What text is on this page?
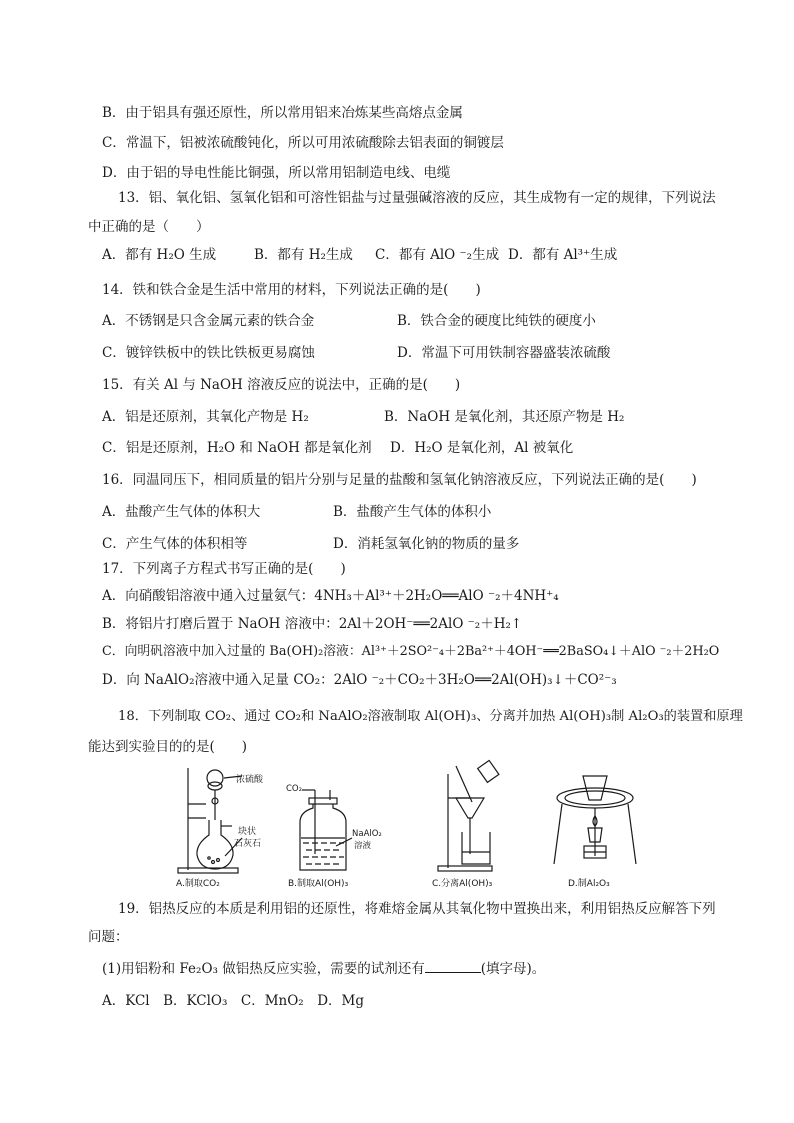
B．由于铝具有强还原性，所以常用铝来冶炼某些高熔点金属
C．常温下，铝被浓硫酸钝化，所以可用浓硫酸除去铝表面的铜镀层
D．由于铝的导电性能比铜强，所以常用铝制造电线、电缆
13．铝、氧化铝、氢氧化铝和可溶性铝盐与过量强碱溶液的反应，其生成物有一定的规律，下列说法
中正确的是（　　）
A．都有 H₂O 生成	B．都有 H₂生成 C．都有 AlO ⁻₂生成 D．都有 Al³⁺生成
14．铁和铁合金是生活中常用的材料，下列说法正确的是(　　)
A．不锈钢是只含金属元素的铁合金	B．铁合金的硬度比纯铁的硬度小
C．镀锌铁板中的铁比铁板更易腐蚀	D．常温下可用铁制容器盛装浓硫酸
15．有关 Al 与 NaOH 溶液反应的说法中，正确的是(　　)
A．铝是还原剂，其氧化产物是 H₂	B．NaOH 是氧化剂，其还原产物是 H₂
C．铝是还原剂，H₂O 和 NaOH 都是氧化剂 D．H₂O 是氧化剂，Al 被氧化
16．同温同压下，相同质量的铝片分别与足量的盐酸和氢氧化钠溶液反应，下列说法正确的是(　　)
A．盐酸产生气体的体积大	B．盐酸产生气体的体积小
C．产生气体的体积相等	D．消耗氢氧化钠的物质的量多
17．下列离子方程式书写正确的是(　　)
A．向硝酸铝溶液中通入过量氨气：4NH₃＋Al³⁺＋2H₂O══AlO ⁻₂＋4NH⁺₄
B．将铝片打磨后置于 NaOH 溶液中：2Al＋2OH⁻══2AlO ⁻₂＋H₂↑
C．向明矾溶液中加入过量的 Ba(OH)₂溶液：Al³⁺＋2SO²⁻₄＋2Ba²⁺＋4OH⁻══2BaSO₄↓＋AlO ⁻₂＋2H₂O
D．向 NaAlO₂溶液中通入足量 CO₂：2AlO ⁻₂＋CO₂＋3H₂O══2Al(OH)₃↓＋CO²⁻₃
18．下列制取 CO₂、通过 CO₂和 NaAlO₂溶液制取 Al(OH)₃、分离并加热 Al(OH)₃制 Al₂O₃的装置和原理
能达到实验目的的是(　　)
浓硫酸
块状
石灰石
CO₂
NaAlO₂
溶液
A.制取CO₂	B.制取Al(OH)₃	C.分离Al(OH)₃	D.制Al₂O₃
19．铝热反应的本质是利用铝的还原性，将难熔金属从其氧化物中置换出来，利用铝热反应解答下列
问题：
(1)用铝粉和 Fe₂O₃ 做铝热反应实验，需要的试剂还有	(填字母)。
A．KCl　B．KClO₃　C．MnO₂　D．Mg
